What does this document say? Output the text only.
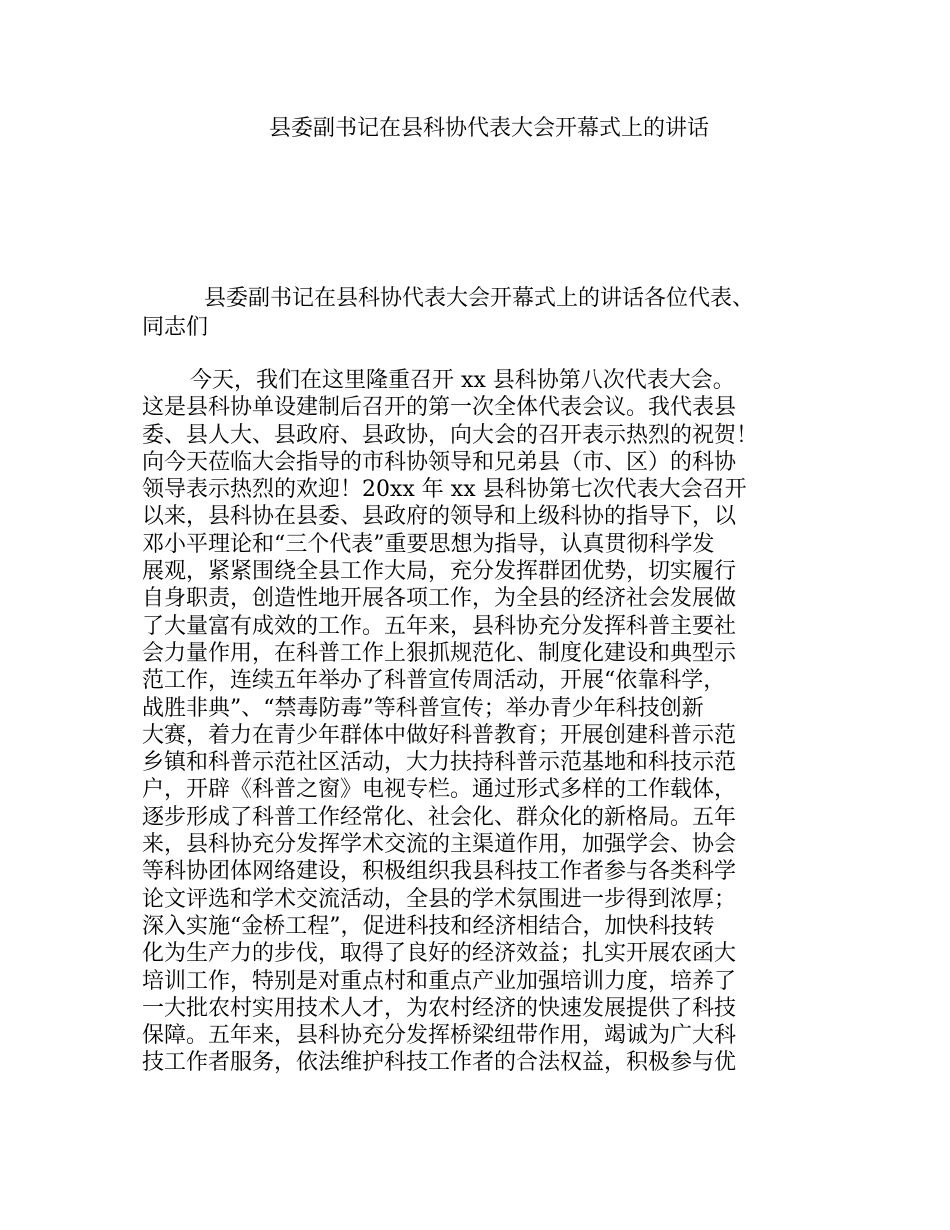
县委副书记在县科协代表大会开幕式上的讲话
县委副书记在县科协代表大会开幕式上的讲话各位代表、
同志们
今天，我们在这里隆重召开 xx 县科协第八次代表大会。
这是县科协单设建制后召开的第一次全体代表会议。我代表县
委、县人大、县政府、县政协，向大会的召开表示热烈的祝贺！
向今天莅临大会指导的市科协领导和兄弟县（市、区）的科协
领导表示热烈的欢迎！20xx 年 xx 县科协第七次代表大会召开
以来，县科协在县委、县政府的领导和上级科协的指导下，以
邓小平理论和“三个代表”重要思想为指导，认真贯彻科学发
展观，紧紧围绕全县工作大局，充分发挥群团优势，切实履行
自身职责，创造性地开展各项工作，为全县的经济社会发展做
了大量富有成效的工作。五年来，县科协充分发挥科普主要社
会力量作用，在科普工作上狠抓规范化、制度化建设和典型示
范工作，连续五年举办了科普宣传周活动，开展“依靠科学，
战胜非典”、“禁毒防毒”等科普宣传；举办青少年科技创新
大赛，着力在青少年群体中做好科普教育；开展创建科普示范
乡镇和科普示范社区活动，大力扶持科普示范基地和科技示范
户，开辟《科普之窗》电视专栏。通过形式多样的工作载体，
逐步形成了科普工作经常化、社会化、群众化的新格局。五年
来，县科协充分发挥学术交流的主渠道作用，加强学会、协会
等科协团体网络建设，积极组织我县科技工作者参与各类科学
论文评选和学术交流活动，全县的学术氛围进一步得到浓厚；
深入实施“金桥工程”，促进科技和经济相结合，加快科技转
化为生产力的步伐，取得了良好的经济效益；扎实开展农函大
培训工作，特别是对重点村和重点产业加强培训力度，培养了
一大批农村实用技术人才，为农村经济的快速发展提供了科技
保障。五年来，县科协充分发挥桥梁纽带作用，竭诚为广大科
技工作者服务，依法维护科技工作者的合法权益，积极参与优
